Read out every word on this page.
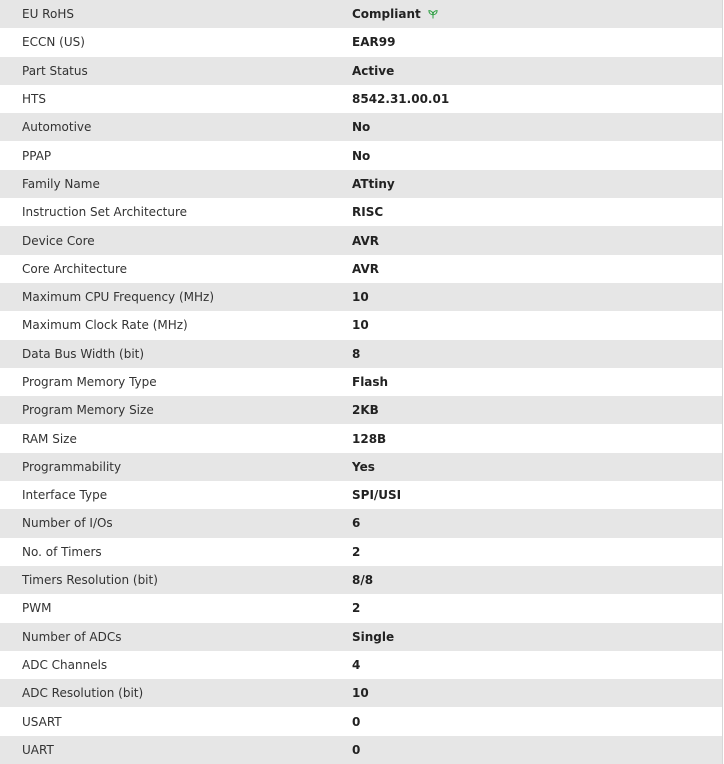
EU RoHS	Compliant
ECCN (US)	EAR99
Part Status	Active
HTS	8542.31.00.01
Automotive	No
PPAP	No
Family Name	ATtiny
Instruction Set Architecture	RISC
Device Core	AVR
Core Architecture	AVR
Maximum CPU Frequency (MHz)	10
Maximum Clock Rate (MHz)	10
Data Bus Width (bit)	8
Program Memory Type	Flash
Program Memory Size	2KB
RAM Size	128B
Programmability	Yes
Interface Type	SPI/USI
Number of I/Os	6
No. of Timers	2
Timers Resolution (bit)	8/8
PWM	2
Number of ADCs	Single
ADC Channels	4
ADC Resolution (bit)	10
USART	0
UART	0
